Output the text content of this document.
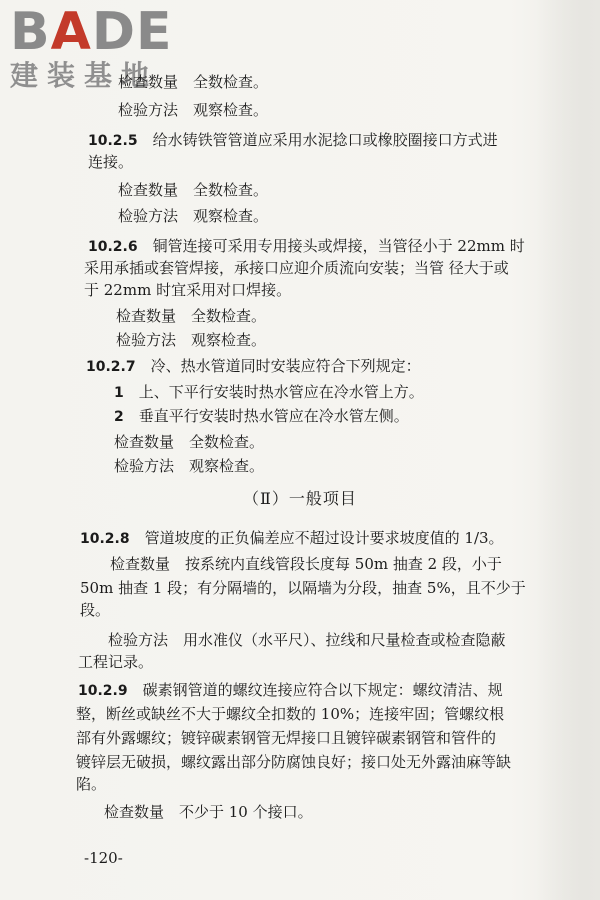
BADE
建装基地
检查数量　全数检查。
检验方法　观察检查。
10.2.5　 给水铸铁管管道应采用水泥捻口或橡胶圈接口方式进
连接。
检查数量　全数检查。
检验方法　观察检查。
10.2.6　 铜管连接可采用专用接头或焊接，当管径小于 22mm 时
采用承插或套管焊接，承接口应迎介质流向安装；当管 径大于或
于 22mm 时宜采用对口焊接。
检查数量　全数检查。
检验方法　观察检查。
10.2.7　 冷、热水管道同时安装应符合下列规定：
1　 上、下平行安装时热水管应在冷水管上方。
2　 垂直平行安装时热水管应在冷水管左侧。
检查数量　全数检查。
检验方法　观察检查。
（Ⅱ）一般项目
10.2.8　 管道坡度的正负偏差应不超过设计要求坡度值的 1/3。
检查数量　按系统内直线管段长度每 50m 抽查 2 段，小于
50m 抽查 1 段；有分隔墙的，以隔墙为分段，抽查 5%，且不少于
段。
检验方法　用水准仪（水平尺）、拉线和尺量检查或检查隐蔽
工程记录。
10.2.9　 碳素钢管道的螺纹连接应符合以下规定：螺纹清洁、规
整，断丝或缺丝不大于螺纹全扣数的 10%；连接牢固；管螺纹根
部有外露螺纹；镀锌碳素钢管无焊接口且镀锌碳素钢管和管件的
镀锌层无破损，螺纹露出部分防腐蚀良好；接口处无外露油麻等缺
陷。
检查数量　不少于 10 个接口。
-120-
